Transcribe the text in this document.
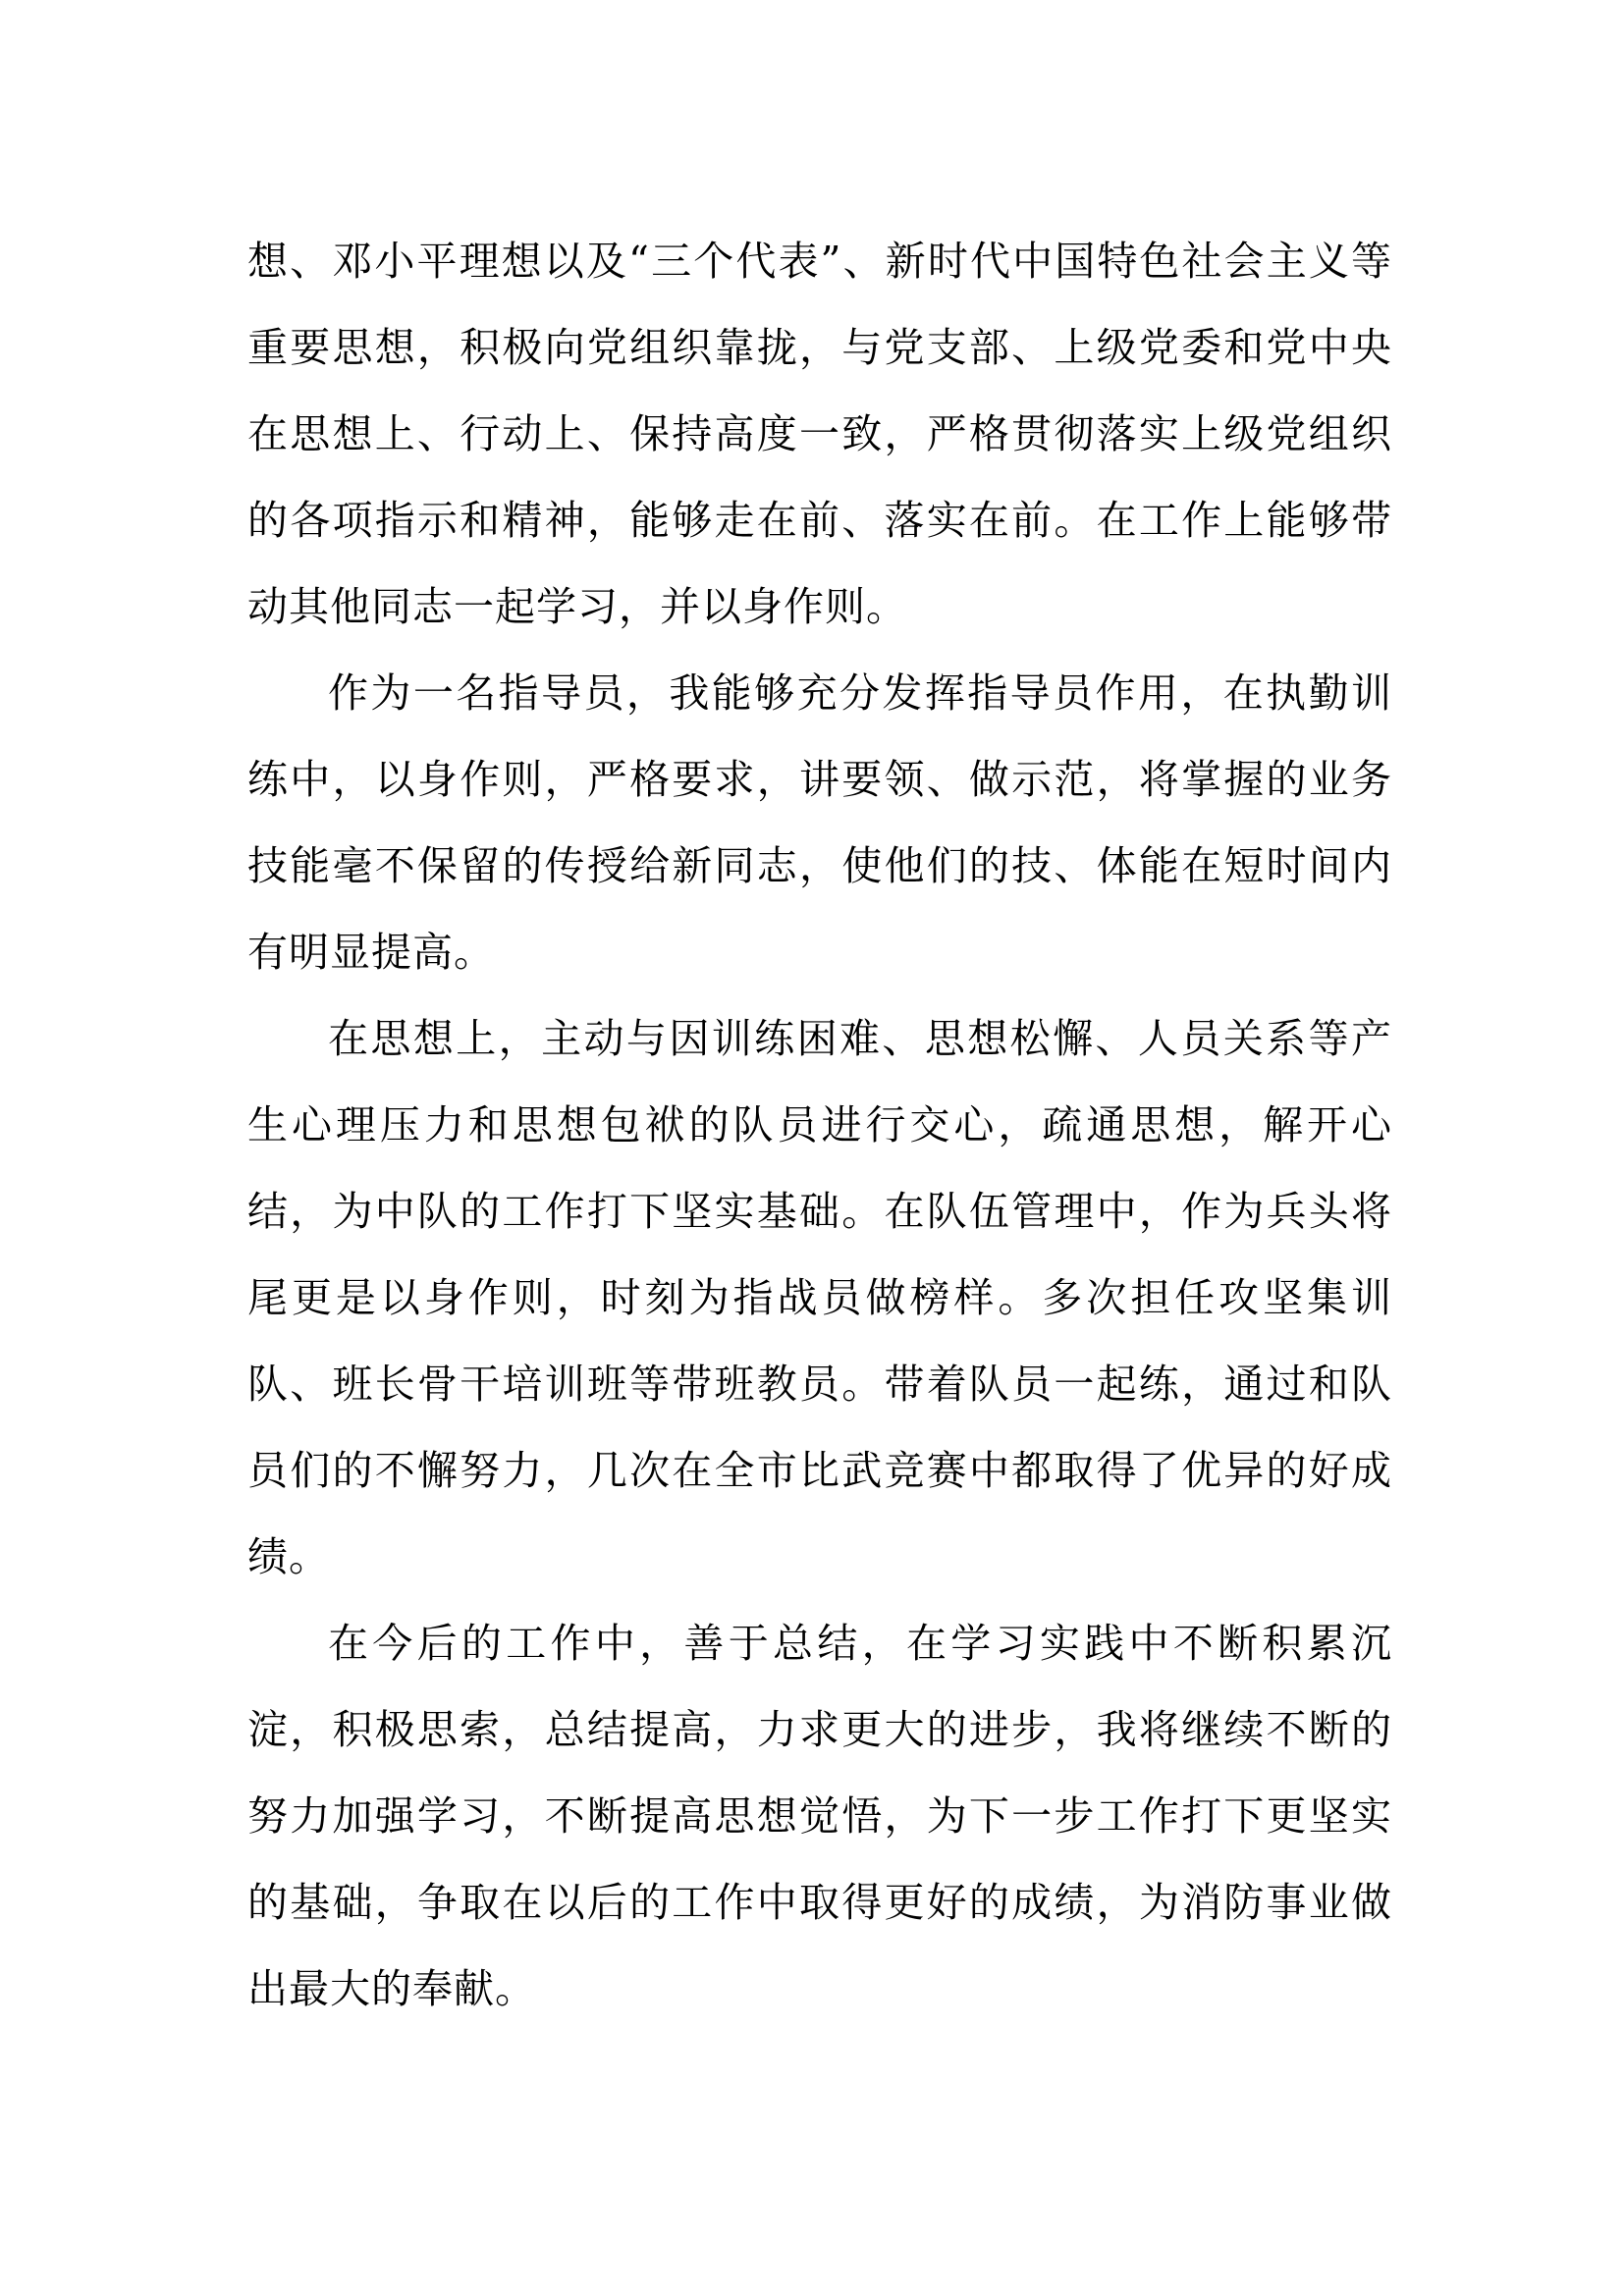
想、邓小平理想以及“三个代表”、新时代中国特色社会主义等重要思想，积极向党组织靠拢，与党支部、上级党委和党中央在思想上、行动上、保持高度一致，严格贯彻落实上级党组织的各项指示和精神，能够走在前、落实在前。在工作上能够带动其他同志一起学习，并以身作则。

作为一名指导员，我能够充分发挥指导员作用，在执勤训练中，以身作则，严格要求，讲要领、做示范，将掌握的业务技能毫不保留的传授给新同志，使他们的技、体能在短时间内有明显提高。

在思想上，主动与因训练困难、思想松懈、人员关系等产生心理压力和思想包袱的队员进行交心，疏通思想，解开心结，为中队的工作打下坚实基础。在队伍管理中，作为兵头将尾更是以身作则，时刻为指战员做榜样。多次担任攻坚集训队、班长骨干培训班等带班教员。带着队员一起练，通过和队员们的不懈努力，几次在全市比武竞赛中都取得了优异的好成绩。

在今后的工作中，善于总结，在学习实践中不断积累沉淀，积极思索，总结提高，力求更大的进步，我将继续不断的努力加强学习，不断提高思想觉悟，为下一步工作打下更坚实的基础，争取在以后的工作中取得更好的成绩，为消防事业做出最大的奉献。
